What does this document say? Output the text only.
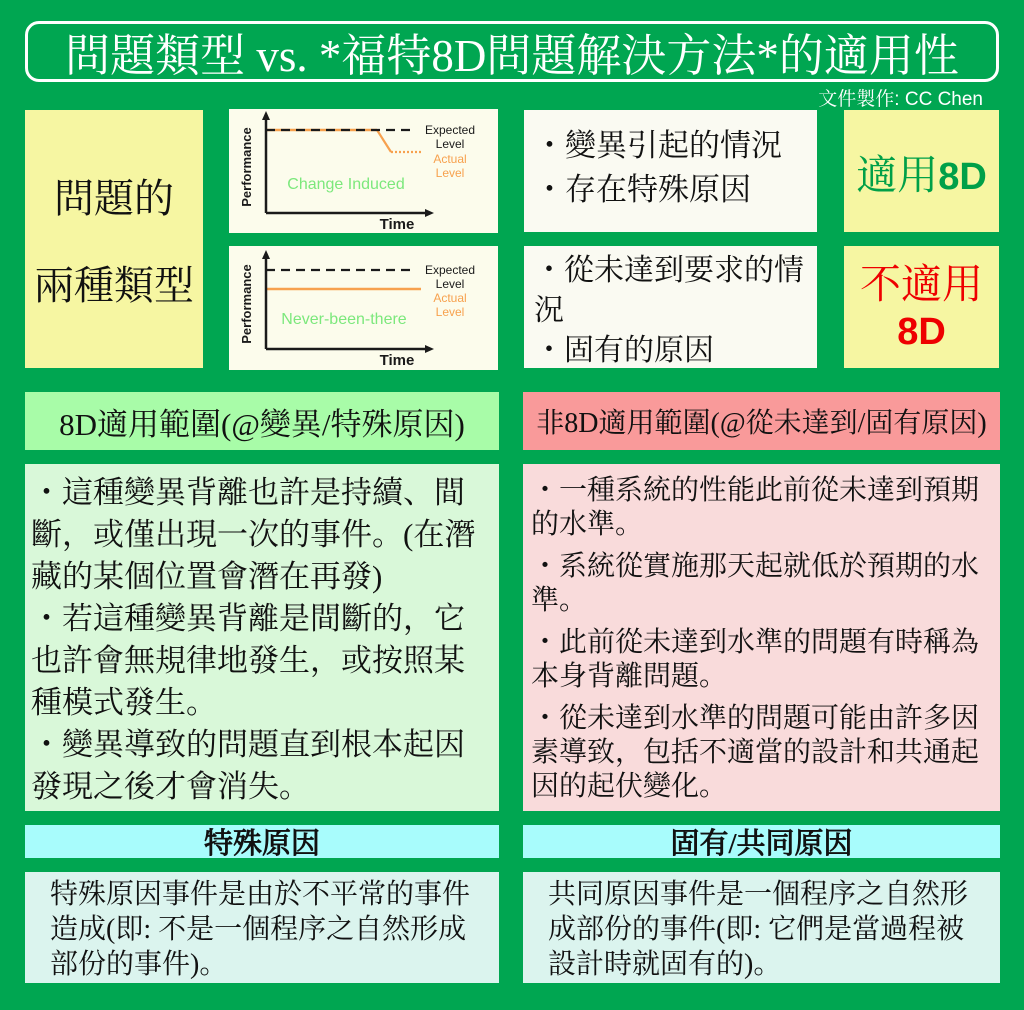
問題類型 vs. *福特8D問題解決方法*的適用性
文件製作: CC Chen
問題的
兩種類型
Performance
Time
Change Induced
Expected
Level
Actual
Level
Performance
Time
Never-been-there
Expected
Level
Actual
Level

・變異引起的情況

・存在特殊原因	適用 8D

・從未達到要求的情況

・固有的原因

不適用
8D
8D適用範圍(@變異/特殊原因)	非8D適用範圍(@從未達到/固有原因)

・這種變異背離也許是持續、間斷，或僅出現一次的事件。(在潛藏的某個位置會潛在再發)

・若這種變異背離是間斷的，它也許會無規律地發生，或按照某種模式發生。

・變異導致的問題直到根本起因發現之後才會消失。

・一種系統的性能此前從未達到預期的水準。

・系統從實施那天起就低於預期的水準。

・此前從未達到水準的問題有時稱為本身背離問題。

・從未達到水準的問題可能由許多因素導致，包括不適當的設計和共通起因的起伏變化。

特殊原因	固有/共同原因
特殊原因事件是由於不平常的事件造成(即: 不是一個程序之自然形成部份的事件)。
共同原因事件是一個程序之自然形成部份的事件(即: 它們是當過程被設計時就固有的)。
